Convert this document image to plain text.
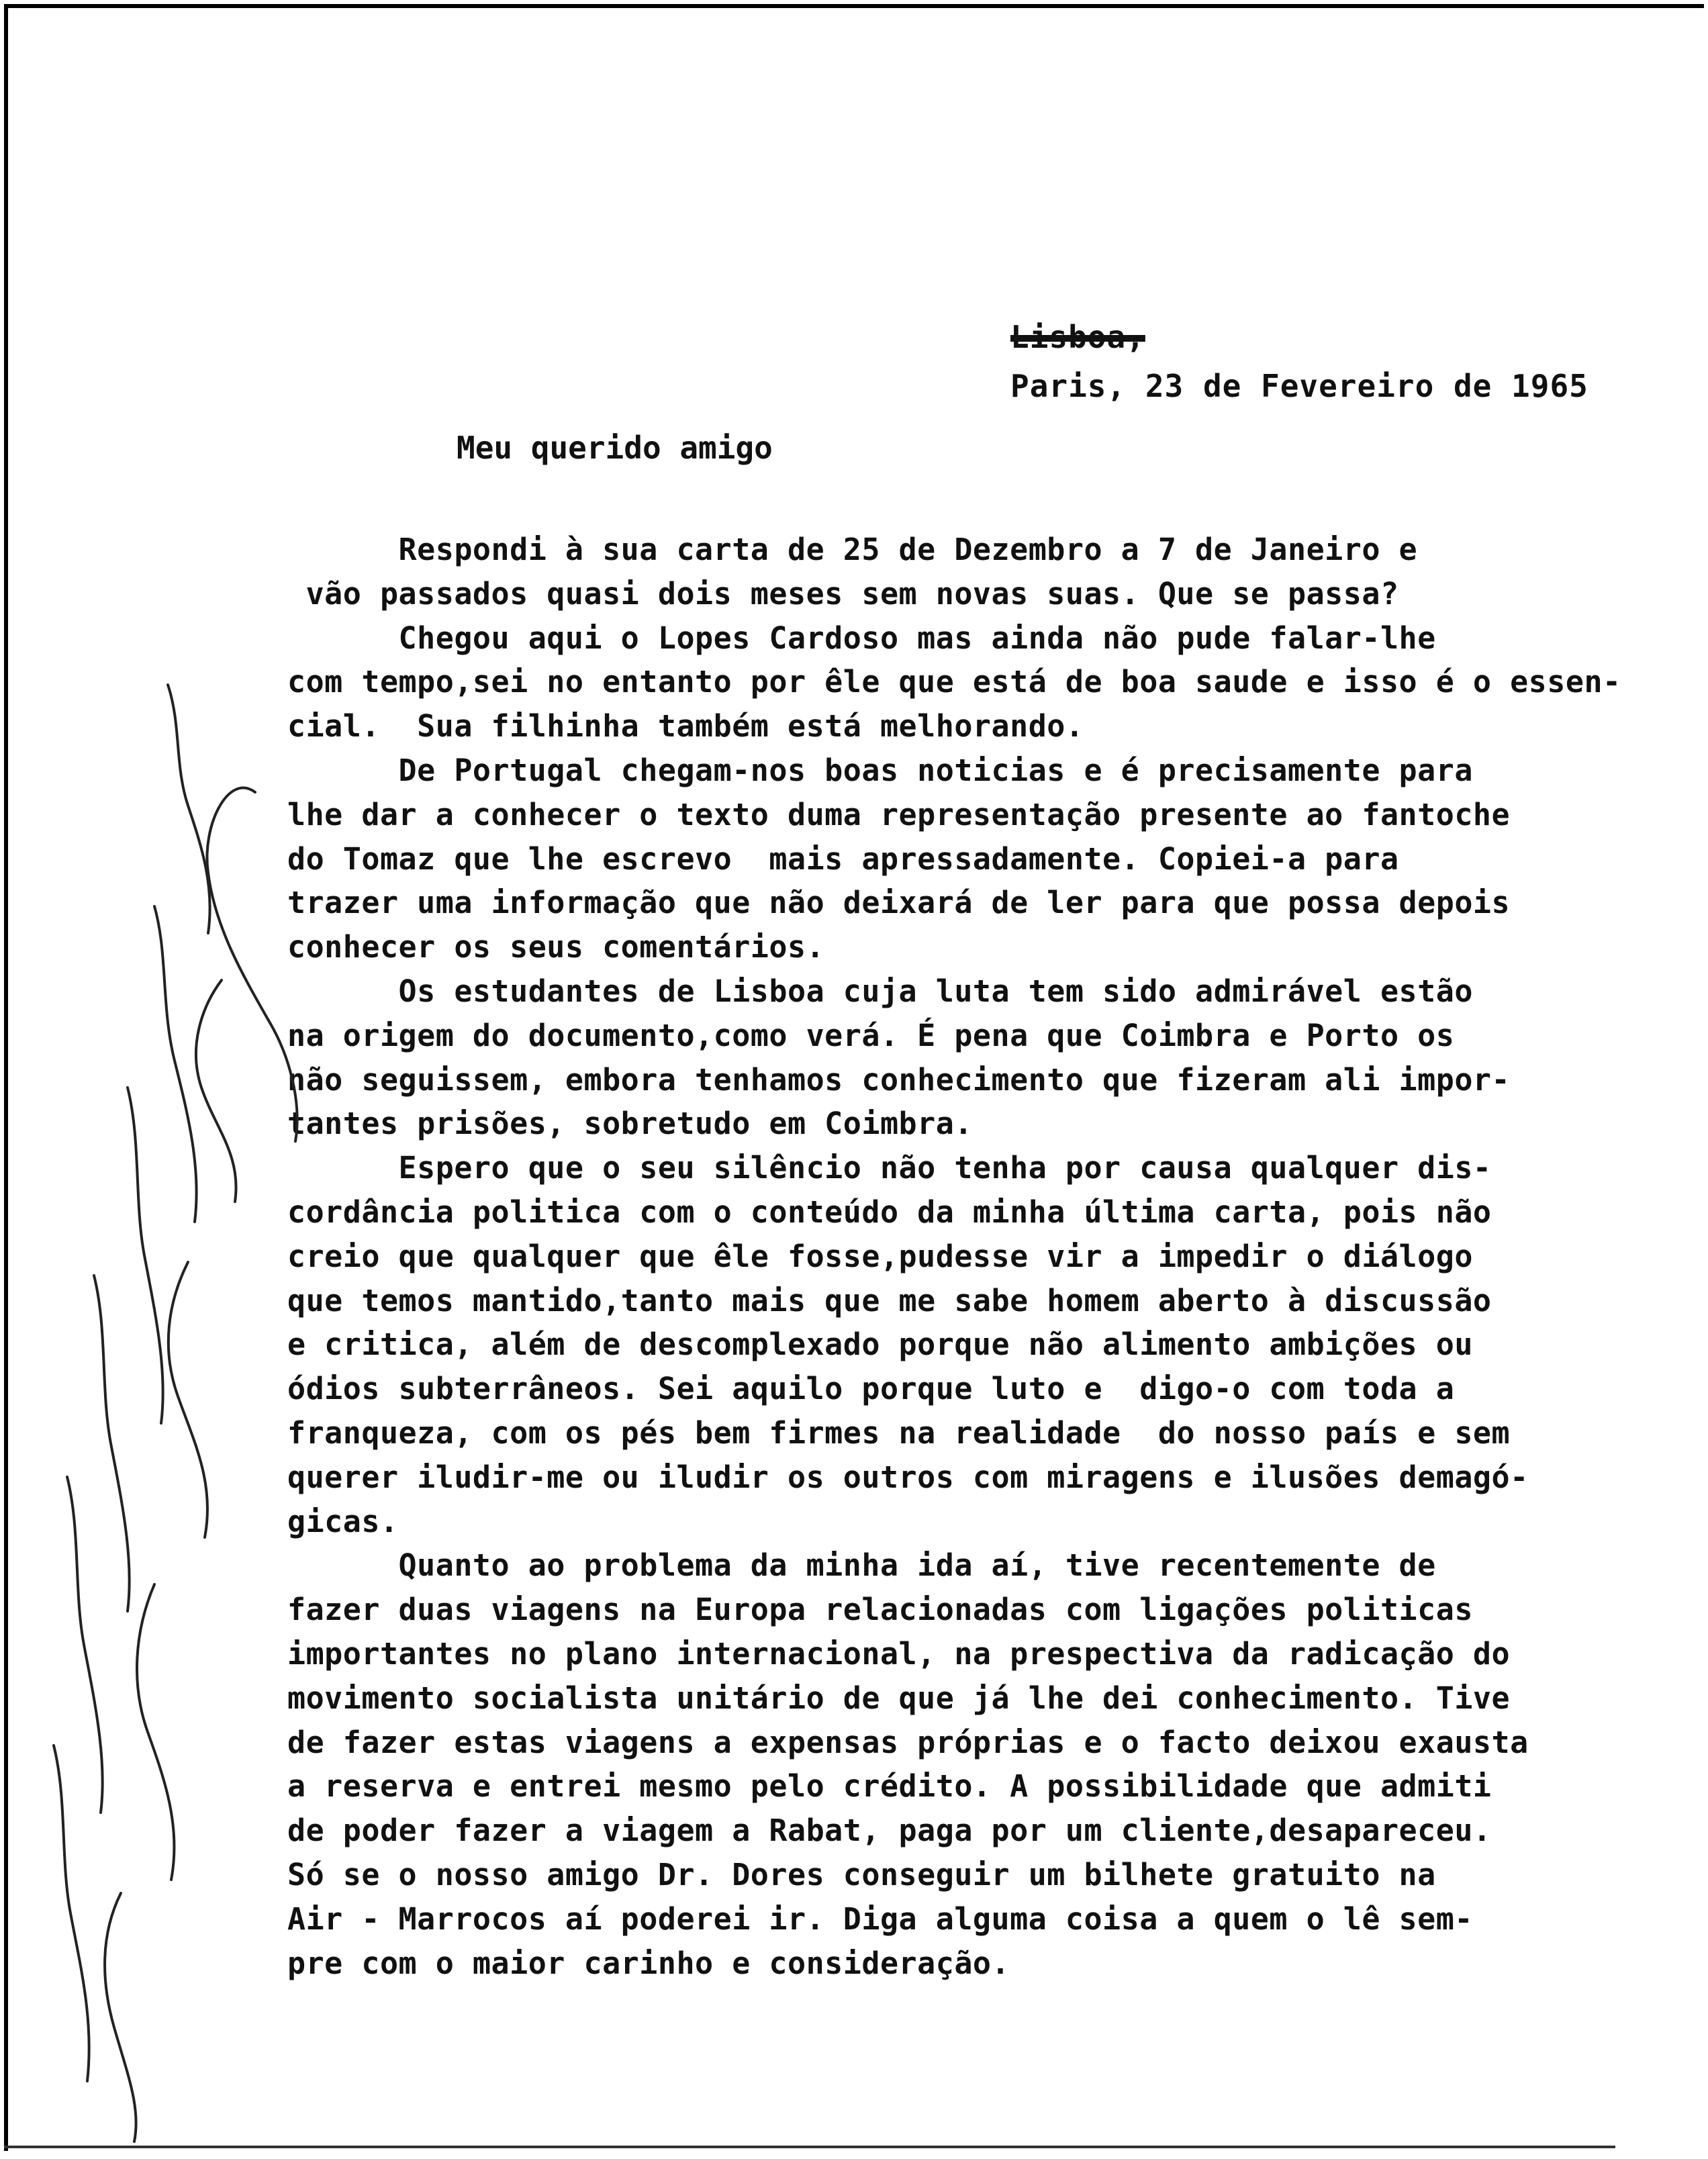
Lisboa,
Paris, 23 de Fevereiro de 1965
Meu querido amigo

Respondi à sua carta de 25 de Dezembro a 7 de Janeiro e
vão passados quasi dois meses sem novas suas. Que se passa?

Chegou aqui o Lopes Cardoso mas ainda não pude falar-lhe
com tempo,sei no entanto por êle que está de boa saude e isso é o essen-
cial.  Sua filhinha também está melhorando.

De Portugal chegam-nos boas noticias e é precisamente para
lhe dar a conhecer o texto duma representação presente ao fantoche
do Tomaz que lhe escrevo  mais apressadamente. Copiei-a para
trazer uma informação que não deixará de ler para que possa depois
conhecer os seus comentários.

Os estudantes de Lisboa cuja luta tem sido admirável estão
na origem do documento,como verá. É pena que Coimbra e Porto os
não seguissem, embora tenhamos conhecimento que fizeram ali impor-
tantes prisões, sobretudo em Coimbra.

Espero que o seu silêncio não tenha por causa qualquer dis-
cordância politica com o conteúdo da minha última carta, pois não
creio que qualquer que êle fosse,pudesse vir a impedir o diálogo
que temos mantido,tanto mais que me sabe homem aberto à discussão
e critica, além de descomplexado porque não alimento ambições ou
ódios subterrâneos. Sei aquilo porque luto e  digo-o com toda a
franqueza, com os pés bem firmes na realidade  do nosso país e sem
querer iludir-me ou iludir os outros com miragens e ilusões demagó-
gicas.

Quanto ao problema da minha ida aí, tive recentemente de
fazer duas viagens na Europa relacionadas com ligações politicas
importantes no plano internacional, na prespectiva da radicação do
movimento socialista unitário de que já lhe dei conhecimento. Tive
de fazer estas viagens a expensas próprias e o facto deixou exausta
a reserva e entrei mesmo pelo crédito. A possibilidade que admiti
de poder fazer a viagem a Rabat, paga por um cliente,desapareceu.
Só se o nosso amigo Dr. Dores conseguir um bilhete gratuito na
Air - Marrocos aí poderei ir. Diga alguma coisa a quem o lê sem-
pre com o maior carinho e consideração.
